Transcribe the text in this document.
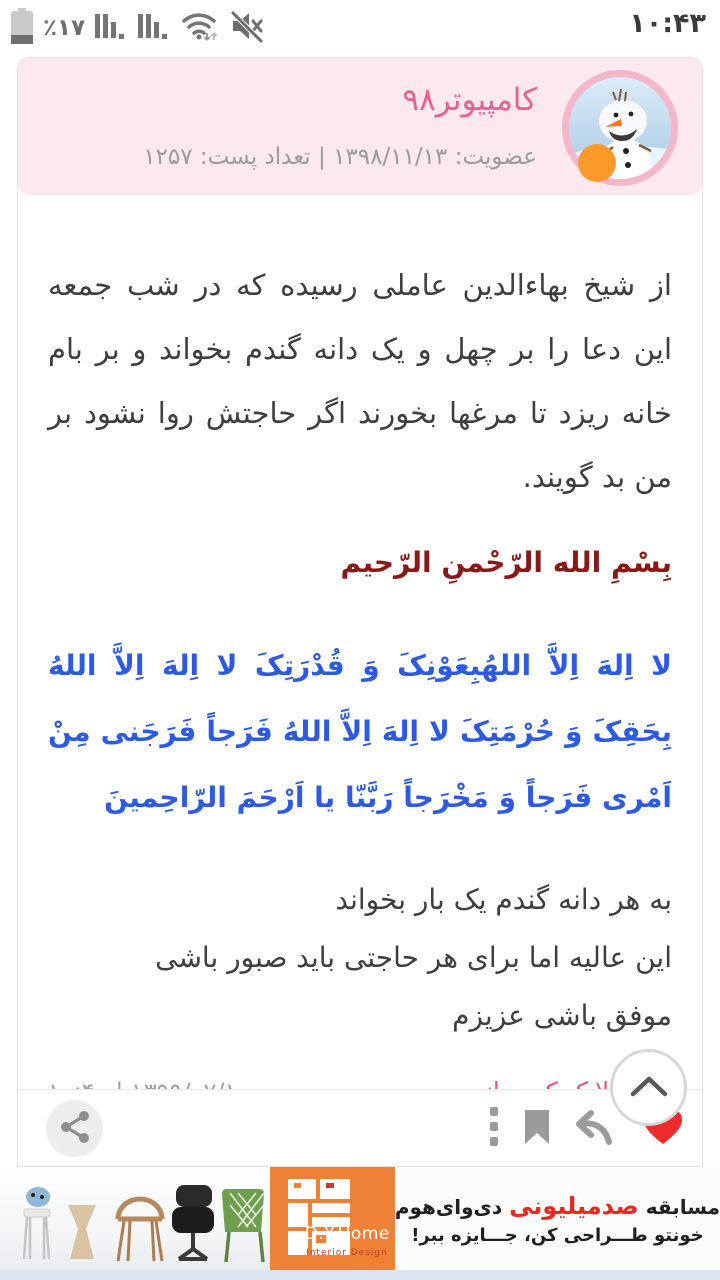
٪۱۷	۱۰:۴۳
کامپیوتر۹۸
عضویت: ۱۳۹۸/۱۱/۱۳ | تعداد پست: ۱۲۵۷

از شیخ بهاءالدین عاملی رسیده که در شب جمعه این دعا را بر چهل و یک دانه گندم بخواند و بر بام خانه ریزد تا مرغها بخورند اگر حاجتش روا نشود بر من بد گویند.

بِسْمِ الله الرّحْمنِ الرّحیم

لا اِلهَ اِلاَّ اللهُبِعَوْنِکَ وَ قُدْرَتِکَ لا اِلهَ اِلاَّ اللهُ بِحَقِکَ وَ حُرْمَتِکَ لا اِلهَ اِلاَّ اللهُ فَرَجاً فَرَجَنی مِنْ اَمْری فَرَجاً وَ مَخْرَجاً رَبَّنّا یا اَرْحَمَ الرّاحِمینَ

به هر دانه گندم یک بار بخواند
این عالیه اما برای هر حاجتی باید صبور باشی
موفق باشی عزیزم

D.Y.Home
Interior Design
مسابقه صدمیلیونی دی‌وای‌هوم
خونتو طـــراحی کن، جـــایزه ببر!
